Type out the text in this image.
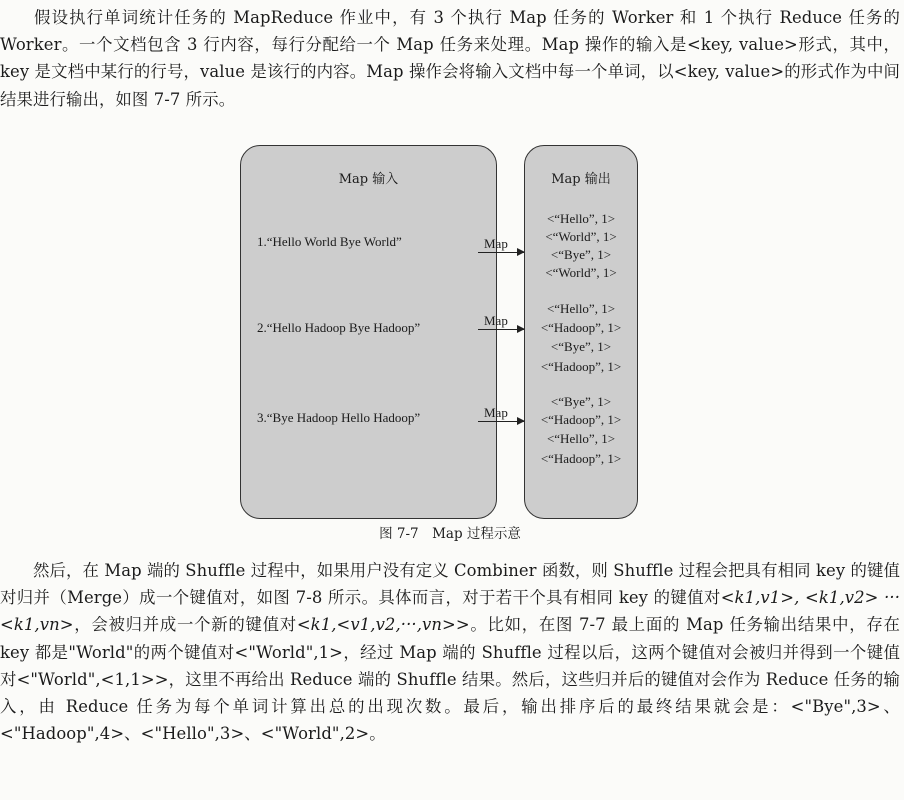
假设执行单词统计任务的 MapReduce 作业中，有 3 个执行 Map 任务的 Worker 和 1 个执行 Reduce 任务的 Worker。一个文档包含 3 行内容，每行分配给一个 Map 任务来处理。Map 操作的输入是<key, value>形式，其中，key 是文档中某行的行号，value 是该行的内容。Map 操作会将输入文档中每一个单词，以<key, value>的形式作为中间结果进行输出，如图 7-7 所示。
Map 输入
1.“Hello World Bye World”
2.“Hello Hadoop Bye Hadoop”
3.“Bye Hadoop Hello Hadoop”
Map 输出
<“Hello”, 1>
<“World”, 1>
<“Bye”, 1>
<“World”, 1>
<“Hello”, 1>
<“Hadoop”, 1>
<“Bye”, 1>
<“Hadoop”, 1>
<“Bye”, 1>
<“Hadoop”, 1>
<“Hello”, 1>
<“Hadoop”, 1>
Map
Map
Map
图 7-7　Map 过程示意
然后，在 Map 端的 Shuffle 过程中，如果用户没有定义 Combiner 函数，则 Shuffle 过程会把具有相同 key 的键值对归并（Merge）成一个键值对，如图 7-8 所示。具体而言，对于若干个具有相同 key 的键值对<k1,v1>, <k1,v2> ··· <k1,vn>，会被归并成一个新的键值对<k1,<v1,v2,···,vn>>。比如，在图 7-7 最上面的 Map 任务输出结果中，存在 key 都是"World"的两个键值对<"World",1>，经过 Map 端的 Shuffle 过程以后，这两个键值对会被归并得到一个键值对<"World",<1,1>>，这里不再给出 Reduce 端的 Shuffle 结果。然后，这些归并后的键值对会作为 Reduce 任务的输入，由 Reduce 任务为每个单词计算出总的出现次数。最后，输出排序后的最终结果就会是：<"Bye",3>、<"Hadoop",4>、<"Hello",3>、<"World",2>。
